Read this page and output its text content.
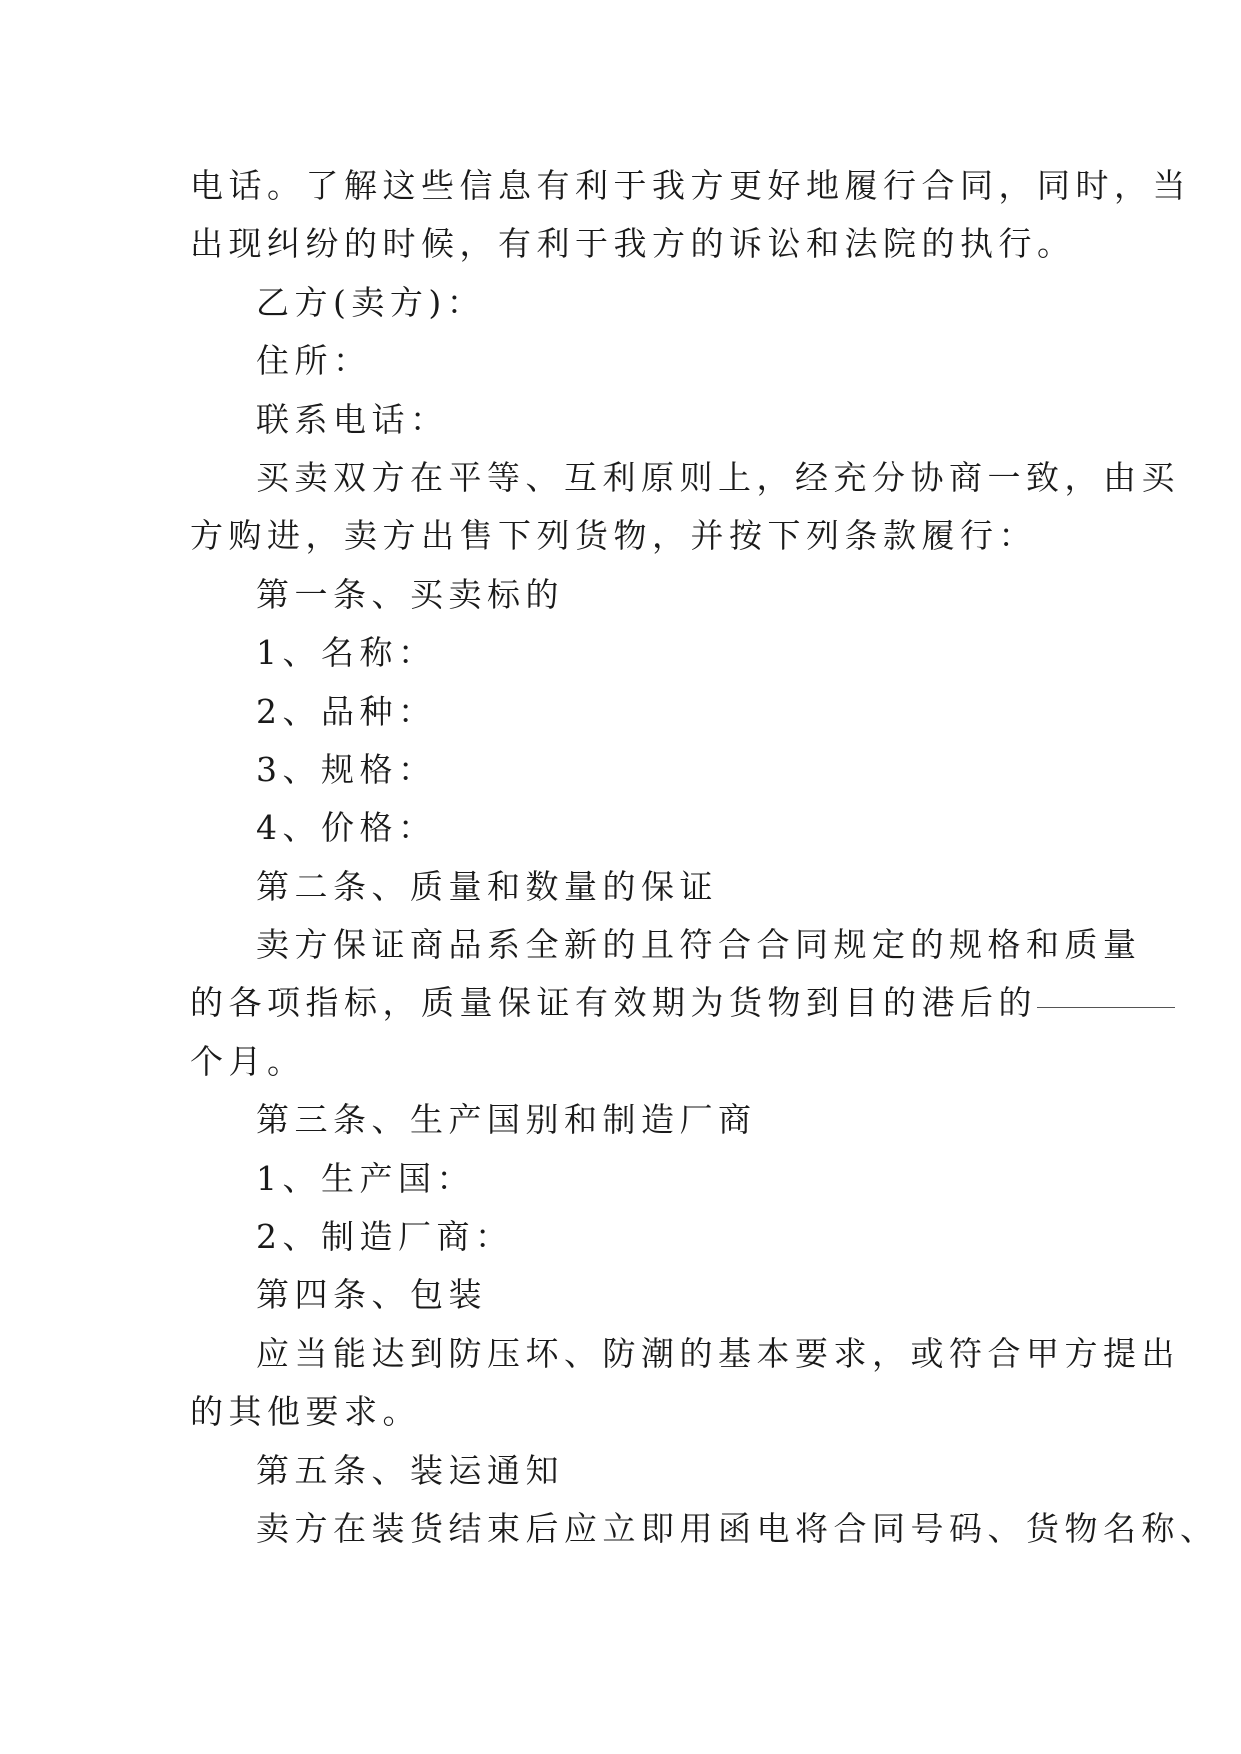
电话。了解这些信息有利于我方更好地履行合同，同时，当
出现纠纷的时候，有利于我方的诉讼和法院的执行。
乙方(卖方)：
住所：
联系电话：
买卖双方在平等、互利原则上，经充分协商一致，由买
方购进，卖方出售下列货物，并按下列条款履行：
第一条、买卖标的
1、名称：
2、品种：
3、规格：
4、价格：
第二条、质量和数量的保证
卖方保证商品系全新的且符合合同规定的规格和质量
的各项指标，质量保证有效期为货物到目的港后的
个月。
第三条、生产国别和制造厂商
1、生产国：
2、制造厂商：
第四条、包装
应当能达到防压坏、防潮的基本要求，或符合甲方提出
的其他要求。
第五条、装运通知
卖方在装货结束后应立即用函电将合同号码、货物名称、
